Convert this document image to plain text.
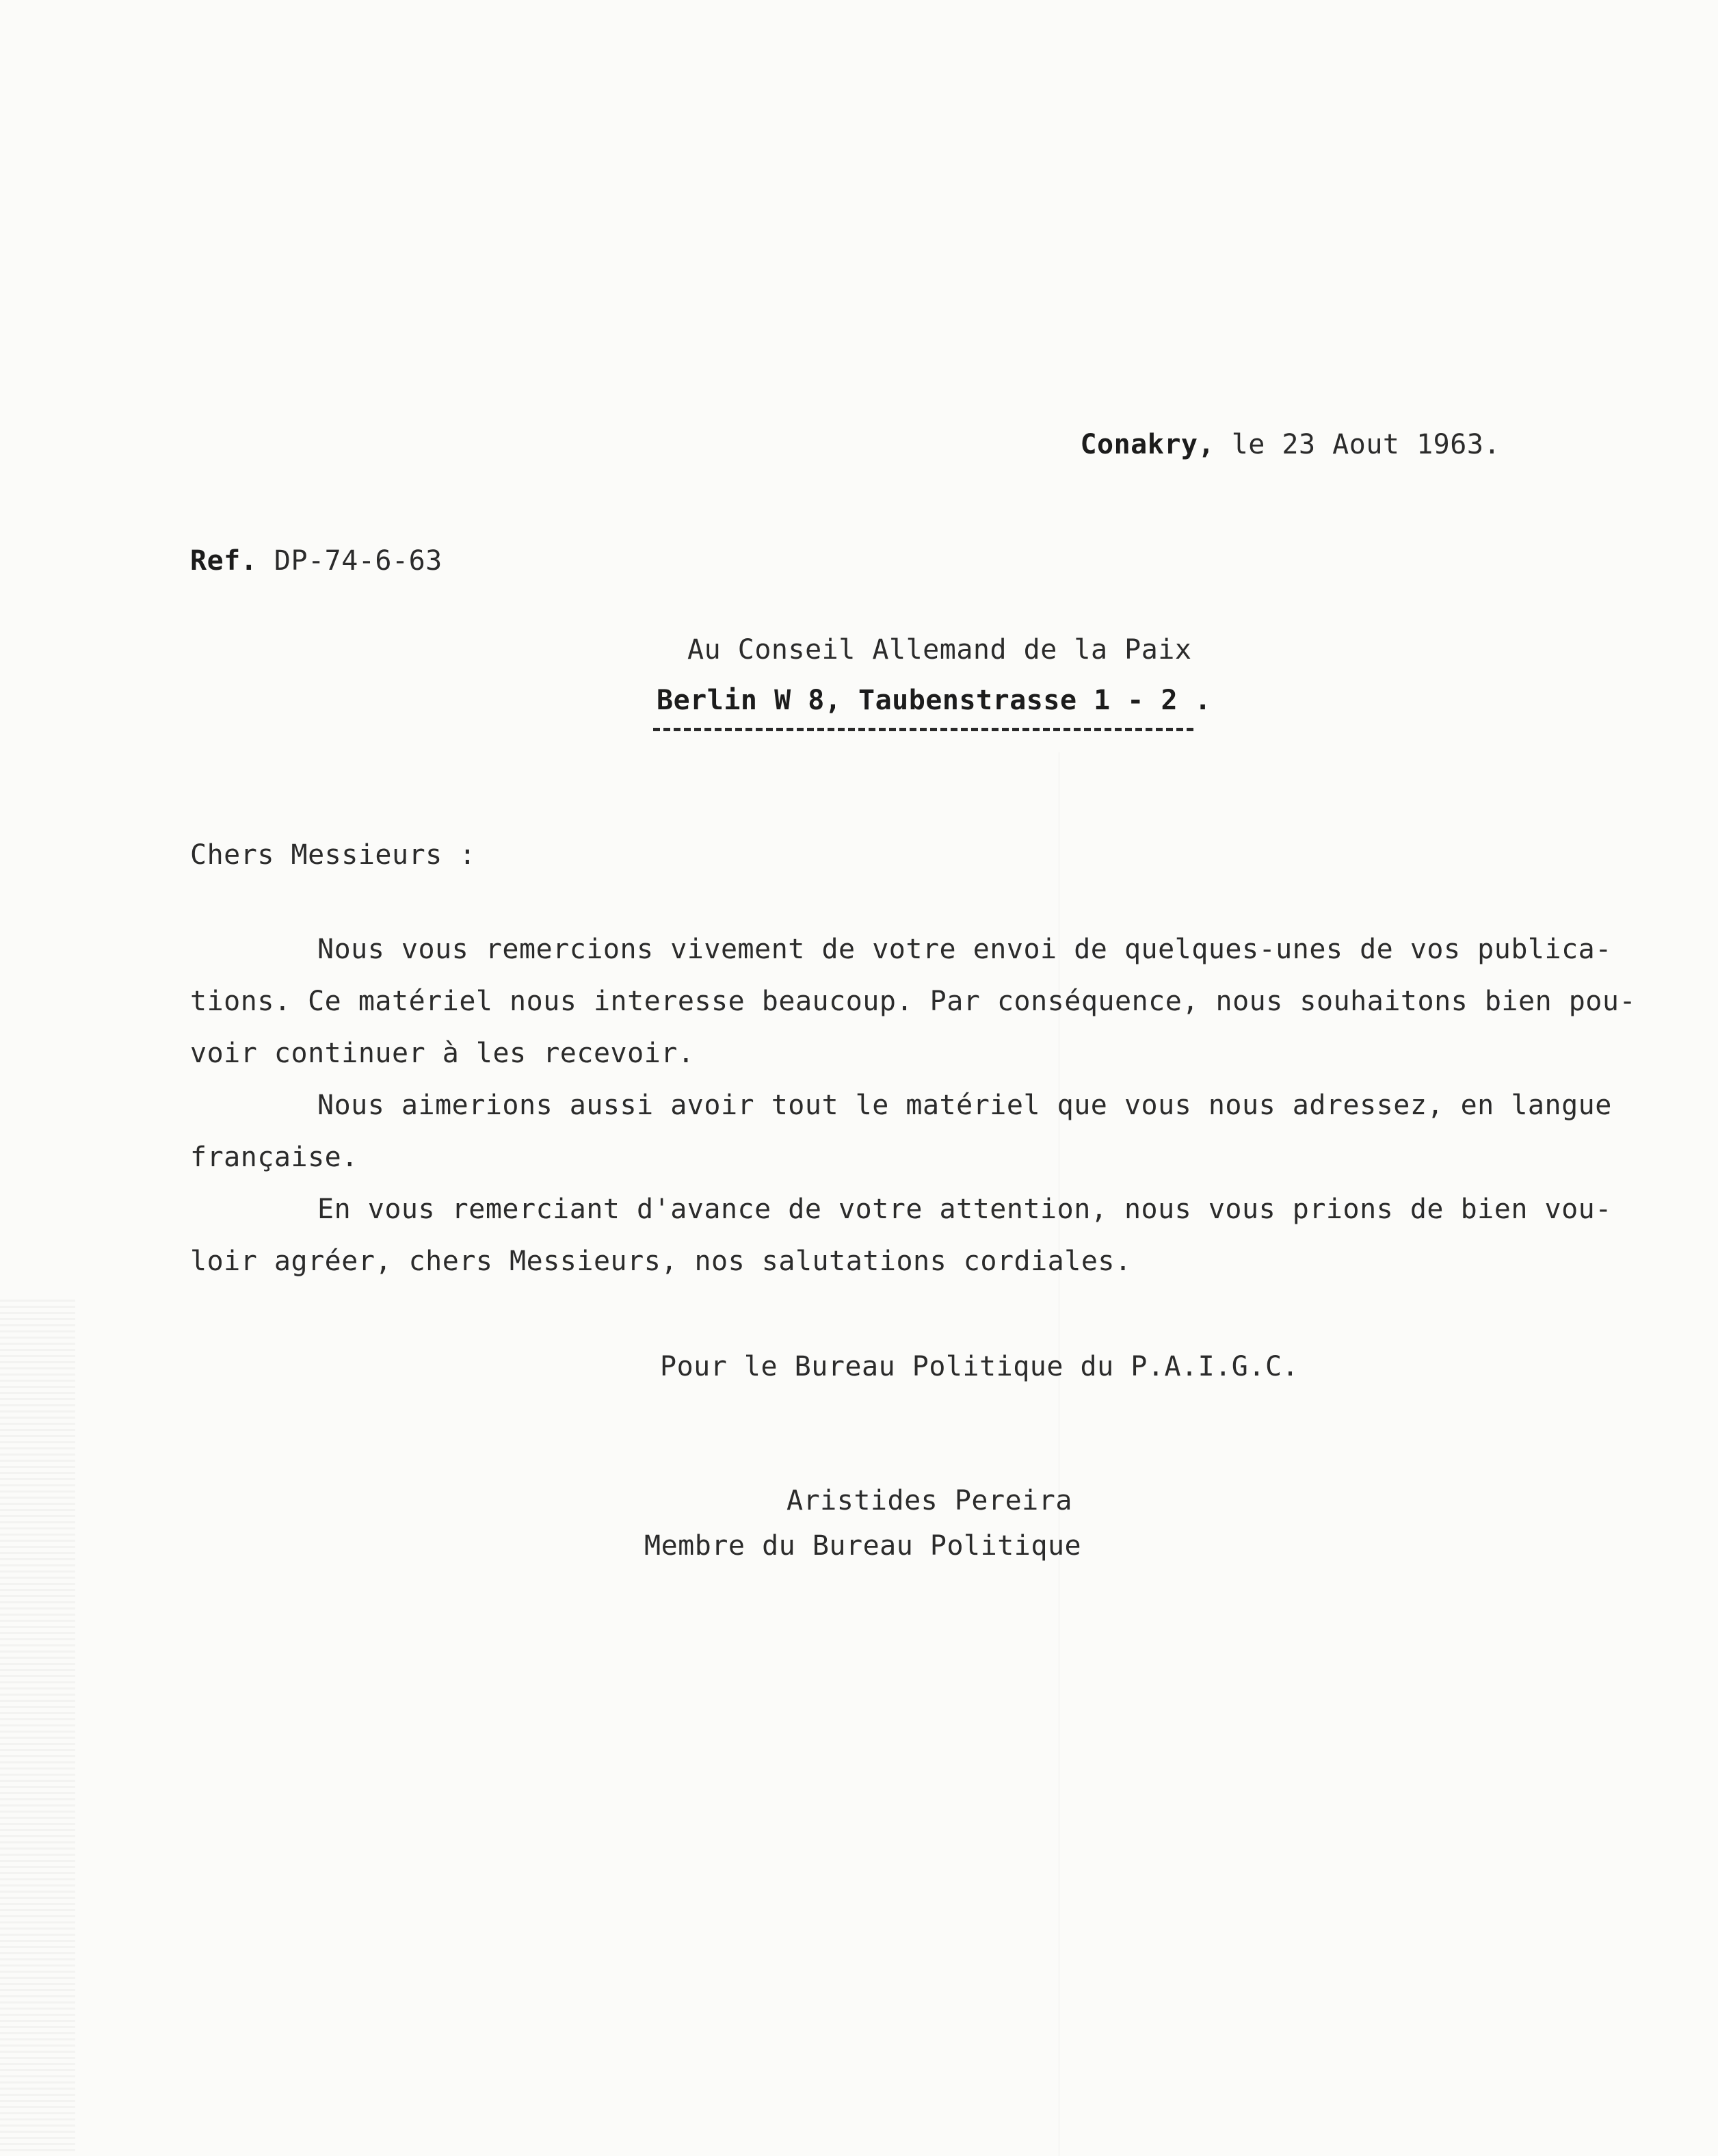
Conakry, le 23 Aout 1963.
Ref. DP-74-6-63
Au Conseil Allemand de la Paix
Berlin W 8, Taubenstrasse 1 - 2 .
Chers Messieurs :
Nous vous remercions vivement de votre envoi de quelques-unes de vos publica-
tions. Ce matériel nous interesse beaucoup. Par conséquence, nous souhaitons bien pou-
voir continuer à les recevoir.
Nous aimerions aussi avoir tout le matériel que vous nous adressez, en langue
française.
En vous remerciant d'avance de votre attention, nous vous prions de bien vou-
loir agréer, chers Messieurs, nos salutations cordiales.
Pour le Bureau Politique du P.A.I.G.C.
Aristides Pereira
Membre du Bureau Politique
